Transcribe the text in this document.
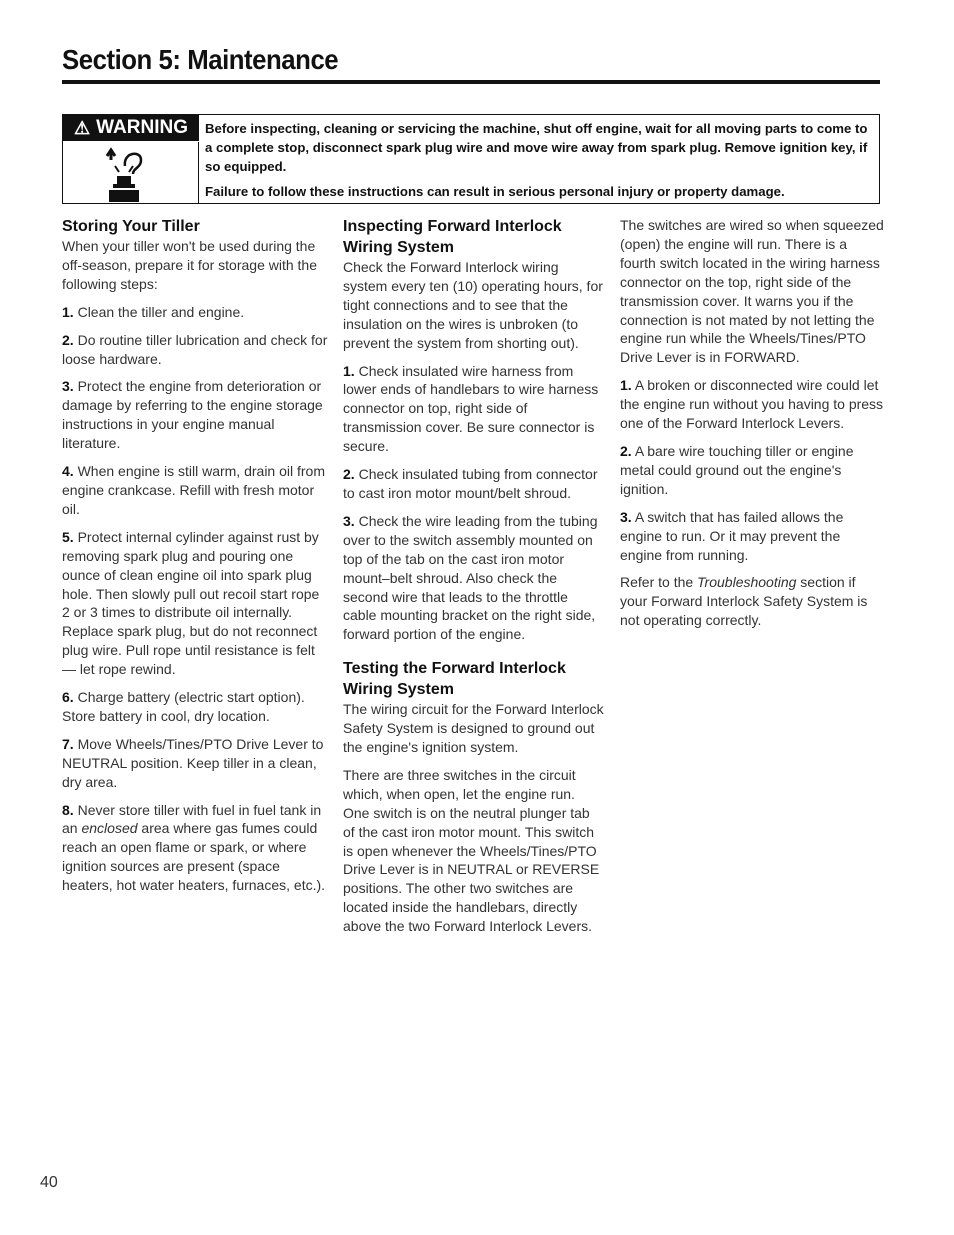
Section 5: Maintenance
⚠ WARNING Before inspecting, cleaning or servicing the machine, shut off engine, wait for all moving parts to come to a complete stop, disconnect spark plug wire and move wire away from spark plug. Remove ignition key, if so equipped.

Failure to follow these instructions can result in serious personal injury or property damage.

Storing Your Tiller

When your tiller won't be used during the off-season, prepare it for storage with the following steps:

1. Clean the tiller and engine.

2. Do routine tiller lubrication and check for loose hardware.

3. Protect the engine from deterioration or damage by referring to the engine storage instructions in your engine manual literature.

4. When engine is still warm, drain oil from engine crankcase. Refill with fresh motor oil.

5. Protect internal cylinder against rust by removing spark plug and pouring one ounce of clean engine oil into spark plug hole. Then slowly pull out recoil start rope 2 or 3 times to distribute oil internally. Replace spark plug, but do not reconnect plug wire. Pull rope until resistance is felt — let rope rewind.

6. Charge battery (electric start option). Store battery in cool, dry location.

7. Move Wheels/Tines/PTO Drive Lever to NEUTRAL position. Keep tiller in a clean, dry area.

8. Never store tiller with fuel in fuel tank in an enclosed area where gas fumes could reach an open flame or spark, or where ignition sources are present (space heaters, hot water heaters, furnaces, etc.).

Inspecting Forward Interlock Wiring System

Check the Forward Interlock wiring system every ten (10) operating hours, for tight connections and to see that the insulation on the wires is unbroken (to prevent the system from shorting out).

1. Check insulated wire harness from lower ends of handlebars to wire harness connector on top, right side of transmission cover. Be sure connector is secure.

2. Check insulated tubing from connector to cast iron motor mount/belt shroud.

3. Check the wire leading from the tubing over to the switch assembly mounted on top of the tab on the cast iron motor mount–belt shroud. Also check the second wire that leads to the throttle cable mounting bracket on the right side, forward portion of the engine.

Testing the Forward Interlock Wiring System

The wiring circuit for the Forward Interlock Safety System is designed to ground out the engine's ignition system.

There are three switches in the circuit which, when open, let the engine run. One switch is on the neutral plunger tab of the cast iron motor mount. This switch is open whenever the Wheels/Tines/PTO Drive Lever is in NEUTRAL or REVERSE positions. The other two switches are located inside the handlebars, directly above the two Forward Interlock Levers.

The switches are wired so when squeezed (open) the engine will run. There is a fourth switch located in the wiring harness connector on the top, right side of the transmission cover. It warns you if the connection is not mated by not letting the engine run while the Wheels/Tines/PTO Drive Lever is in FORWARD.

1. A broken or disconnected wire could let the engine run without you having to press one of the Forward Interlock Levers.

2. A bare wire touching tiller or engine metal could ground out the engine's ignition.

3. A switch that has failed allows the engine to run. Or it may prevent the engine from running.

Refer to the Troubleshooting section if your Forward Interlock Safety System is not operating correctly.

40
